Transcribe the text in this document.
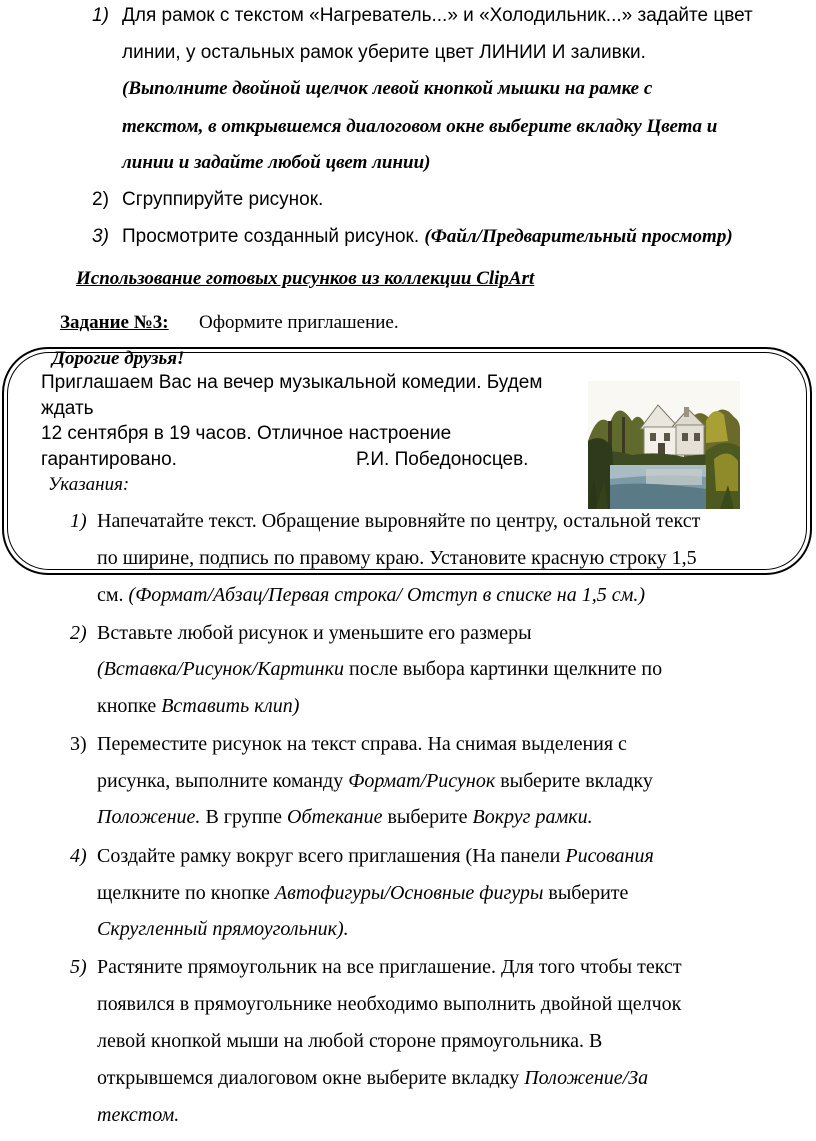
1) Для рамок с текстом «Нагреватель...» и «Холодильник...» задайте цвет
линии, у остальных рамок уберите цвет ЛИНИИ И заливки.
(Выполните двойной щелчок левой кнопкой мышки на рамке с
текстом, в открывшемся диалоговом окне выберите вкладку Цвета и
линии и задайте любой цвет линии)
2) Сгруппируйте рисунок.
3) Просмотрите созданный рисунок. (Файл/Предварительный просмотр)
Использование готовых рисунков из коллекции ClipArt
Задание №3: Оформите приглашение.
Дорогие друзья!
Приглашаем Вас на вечер музыкальной комедии. Будем
ждать
12 сентября в 19 часов. Отличное настроение
гарантировано.	Р.И. Победоносцев.
Указания:
1) Напечатайте текст. Обращение выровняйте по центру, остальной текст
по ширине, подпись по правому краю. Установите красную строку 1,5
см. (Формат/Абзац/Первая строка/ Отступ в списке на 1,5 см.)
2) Вставьте любой рисунок и уменьшите его размеры
(Вставка/Рисунок/Картинки после выбора картинки щелкните по
кнопке Вставить клип)
3) Переместите рисунок на текст справа. На снимая выделения с
рисунка, выполните команду Формат/Рисунок выберите вкладку
Положение. В группе Обтекание выберите Вокруг рамки.
4) Создайте рамку вокруг всего приглашения (На панели Рисования
щелкните по кнопке Автофигуры/Основные фигуры выберите
Скругленный прямоугольник).
5) Растяните прямоугольник на все приглашение. Для того чтобы текст
появился в прямоугольнике необходимо выполнить двойной щелчок
левой кнопкой мыши на любой стороне прямоугольника. В
открывшемся диалоговом окне выберите вкладку Положение/За
текстом.
